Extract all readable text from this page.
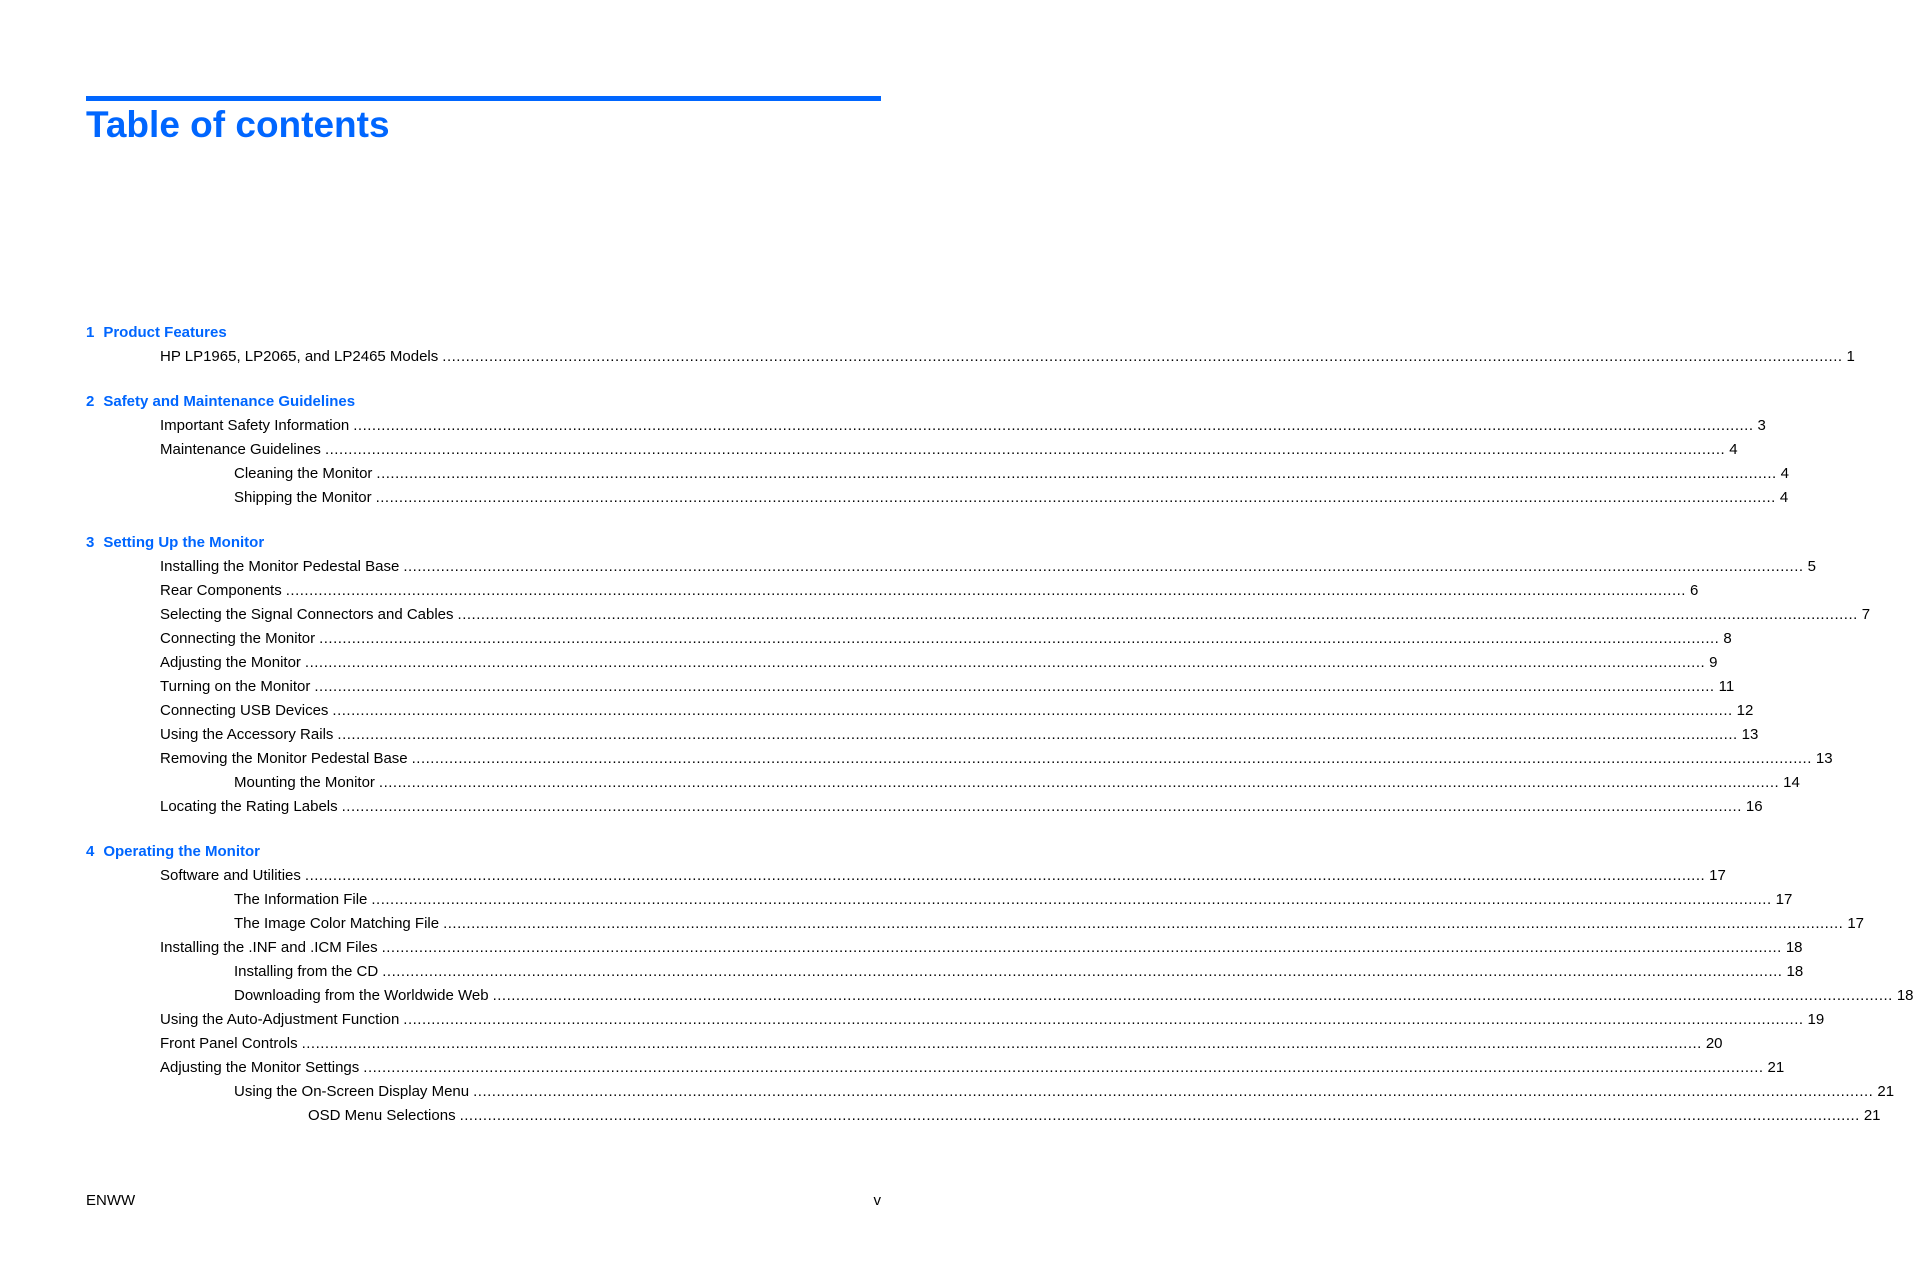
Table of contents
1 Product Features
HP LP1965, LP2065, and LP2465 Models ............................................................................................................................................................................................................................................................................................................ 1
2 Safety and Maintenance Guidelines
Important Safety Information ............................................................................................................................................................................................................................................................................................................ 3
Maintenance Guidelines ............................................................................................................................................................................................................................................................................................................ 4
Cleaning the Monitor ............................................................................................................................................................................................................................................................................................................ 4
Shipping the Monitor ............................................................................................................................................................................................................................................................................................................ 4
3 Setting Up the Monitor
Installing the Monitor Pedestal Base ............................................................................................................................................................................................................................................................................................................ 5
Rear Components ............................................................................................................................................................................................................................................................................................................ 6
Selecting the Signal Connectors and Cables ............................................................................................................................................................................................................................................................................................................ 7
Connecting the Monitor ............................................................................................................................................................................................................................................................................................................ 8
Adjusting the Monitor ............................................................................................................................................................................................................................................................................................................ 9
Turning on the Monitor ............................................................................................................................................................................................................................................................................................................ 11
Connecting USB Devices ............................................................................................................................................................................................................................................................................................................ 12
Using the Accessory Rails ............................................................................................................................................................................................................................................................................................................ 13
Removing the Monitor Pedestal Base ............................................................................................................................................................................................................................................................................................................ 13
Mounting the Monitor ............................................................................................................................................................................................................................................................................................................ 14
Locating the Rating Labels ............................................................................................................................................................................................................................................................................................................ 16
4 Operating the Monitor
Software and Utilities ............................................................................................................................................................................................................................................................................................................ 17
The Information File ............................................................................................................................................................................................................................................................................................................ 17
The Image Color Matching File ............................................................................................................................................................................................................................................................................................................ 17
Installing the .INF and .ICM Files ............................................................................................................................................................................................................................................................................................................ 18
Installing from the CD ............................................................................................................................................................................................................................................................................................................ 18
Downloading from the Worldwide Web ............................................................................................................................................................................................................................................................................................................ 18
Using the Auto-Adjustment Function ............................................................................................................................................................................................................................................................................................................ 19
Front Panel Controls ............................................................................................................................................................................................................................................................................................................ 20
Adjusting the Monitor Settings ............................................................................................................................................................................................................................................................................................................ 21
Using the On-Screen Display Menu ............................................................................................................................................................................................................................................................................................................ 21
OSD Menu Selections ............................................................................................................................................................................................................................................................................................................ 21
ENWW	v
